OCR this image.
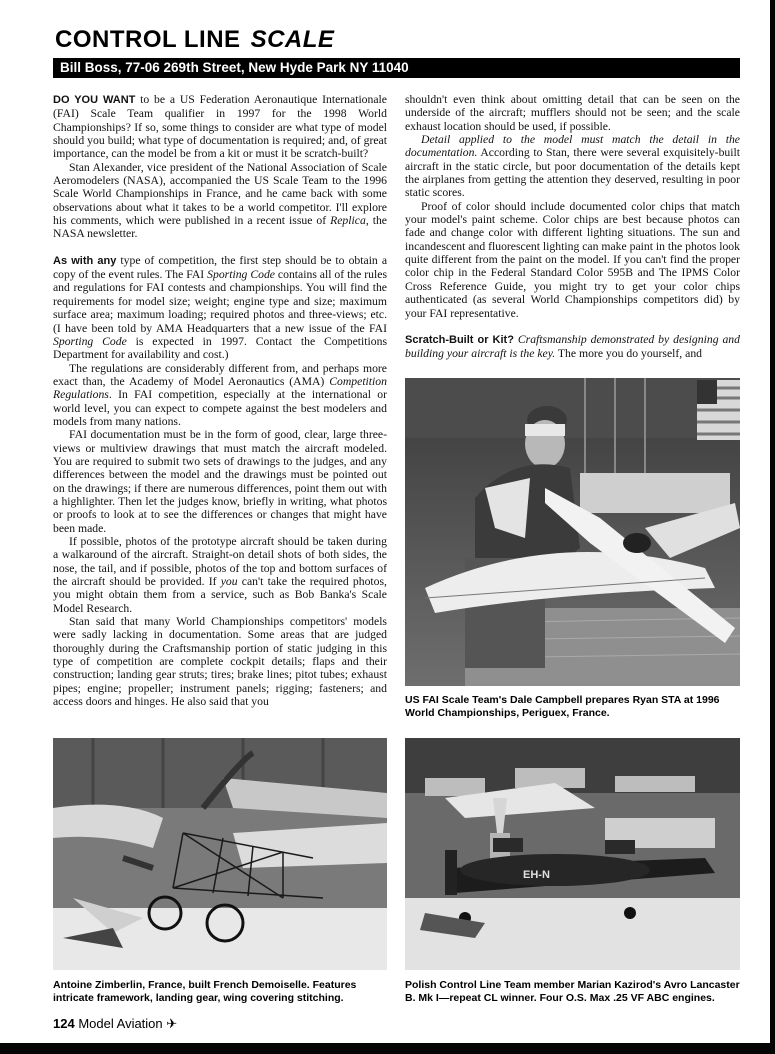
CONTROL LINE SCALE
Bill Boss, 77-06 269th Street, New Hyde Park NY 11040

DO YOU WANT to be a US Federation Aeronautique Internationale (FAI) Scale Team qualifier in 1997 for the 1998 World Championships? If so, some things to consider are what type of model should you build; what type of documentation is required; and, of great importance, can the model be from a kit or must it be scratch-built?

Stan Alexander, vice president of the National Association of Scale Aeromodelers (NASA), accompanied the US Scale Team to the 1996 Scale World Championships in France, and he came back with some observations about what it takes to be a world competitor. I'll explore his comments, which were published in a recent issue of Replica, the NASA newsletter.

As with any type of competition, the first step should be to obtain a copy of the event rules. The FAI Sporting Code contains all of the rules and regulations for FAI contests and championships. You will find the requirements for model size; weight; engine type and size; maximum surface area; maximum loading; required photos and three-views; etc. (I have been told by AMA Headquarters that a new issue of the FAI Sporting Code is expected in 1997. Contact the Competitions Department for availability and cost.)

The regulations are considerably different from, and perhaps more exact than, the Academy of Model Aeronautics (AMA) Competition Regulations. In FAI competition, especially at the international or world level, you can expect to compete against the best modelers and models from many nations.

FAI documentation must be in the form of good, clear, large three-views or multiview drawings that must match the aircraft modeled. You are required to submit two sets of drawings to the judges, and any differences between the model and the drawings must be pointed out on the drawings; if there are numerous differences, point them out with a highlighter. Then let the judges know, briefly in writing, what photos or proofs to look at to see the differences or changes that might have been made.

If possible, photos of the prototype aircraft should be taken during a walkaround of the aircraft. Straight-on detail shots of both sides, the nose, the tail, and if possible, photos of the top and bottom surfaces of the aircraft should be provided. If you can't take the required photos, you might obtain them from a service, such as Bob Banka's Scale Model Research.

Stan said that many World Championships competitors' models were sadly lacking in documentation. Some areas that are judged thoroughly during the Craftsmanship portion of static judging in this type of competition are complete cockpit details; flaps and their construction; landing gear struts; tires; brake lines; pitot tubes; exhaust pipes; engine; propeller; instrument panels; rigging; fasteners; and access doors and hinges. He also said that you

shouldn't even think about omitting detail that can be seen on the underside of the aircraft; mufflers should not be seen; and the scale exhaust location should be used, if possible.

Detail applied to the model must match the detail in the documentation. According to Stan, there were several exquisitely-built aircraft in the static circle, but poor documentation of the details kept the airplanes from getting the attention they deserved, resulting in poor static scores.

Proof of color should include documented color chips that match your model's paint scheme. Color chips are best because photos can fade and change color with different lighting situations. The sun and incandescent and fluorescent lighting can make paint in the photos look quite different from the paint on the model. If you can't find the proper color chip in the Federal Standard Color 595B and The IPMS Color Cross Reference Guide, you might try to get your color chips authenticated (as several World Championships competitors did) by your FAI representative.

Scratch-Built or Kit? Craftsmanship demonstrated by designing and building your aircraft is the key. The more you do yourself, and

US FAI Scale Team's Dale Campbell prepares Ryan STA at 1996 World Championships, Periguex, France.
Antoine Zimberlin, France, built French Demoiselle. Features intricate framework, landing gear, wing covering stitching.
EH-N
Polish Control Line Team member Marian Kazirod's Avro Lancaster B. Mk I—repeat CL winner. Four O.S. Max .25 VF ABC engines.
124 Model Aviation ✈
